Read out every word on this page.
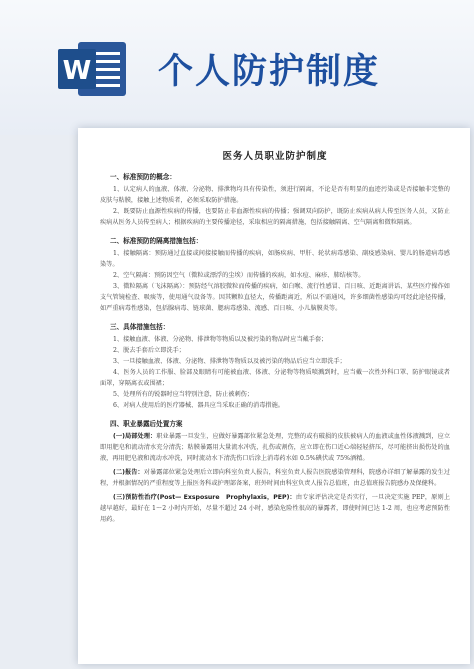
W 个人防护制度
医务人员职业防护制度
一、标准预防的概念：

1、认定病人的血液、体液、分泌物、排泄物均具有传染性，须进行隔离，不论是否有明显的血迹污染或是否接触非完整的皮肤与粘膜，接触上述物质者，必须采取防护措施。

2、既要防止血源性疾病的传播，也要防止非血源性疾病的传播；强调双向防护，既防止疾病从病人传至医务人员，又防止疾病从医务人员传至病人；根据疾病的主要传播途径，采取相应的隔离措施，包括接触隔离、空气隔离和微粒隔离。

二、标准预防的隔离措施包括：

1、接触隔离：预防通过直接或间接接触而传播的疾病，如肠疾病、甲肝、轮状病毒感染、副疫感染病、婴儿的肠道病毒感染等。

2、空气隔离：预防因空气（微粒或漂浮的尘埃）而传播的疾病，如水痘、麻疹、肺结核等。

3、微粒隔离（飞沫隔离）：预防经气溶胶微粒而传播的疾病，如白喉、流行性感冒、百日咳、近距离讲话、某些医疗操作如支气管镜检查、吸痰等，使用通气设备等。因其颗粒直径大，传播距离近，所以不需通风，许多细菌性感染均可经此途径传播，如严重病毒性感染，包括腺病毒、链球菌、腮病毒感染、流感、百日咳、小儿脑膜炎等。

三、具体措施包括：

1、接触血液、体液、分泌物、排泄物等物质以及被污染的物品时应当戴手套；

2、脱去手套后立即洗手；

3、一旦接触血液、体液、分泌物、排泄物等物质以及被污染的物品后应当立即洗手；

4、医务人员的工作服、脸部及眼睛有可能被血液、体液、分泌物等物质喷溅到时，应当戴一次性外科口罩、防护眼镜或者面罩，穿隔离衣或围裙；

5、处理所有的锐器时应当特别注意，防止被刺伤；

6、对病人使用后的医疗器械、器具应当采取正确的消毒措施。

四、职业暴露后处置方案

(一)局部处理：职业暴露一旦发生，应做好暴露部位紧急处理，完整的或有破损的皮肤被病人的血液或血性体液溅到，应立即用肥皂和流动清水充分清洗；粘膜暴露用大量流水冲洗，扎伤或割伤，应立即在伤口近心端轻轻挤压，尽可能挤出损伤处的血液，再用肥皂液和流动水冲洗，同时流动水下清洗伤口后涂上消毒药水如 0.5%碘伏或 75%酒精。

(二)报告：对暴露部位紧急处理后立即向科室负责人报告，科室负责人报告医院感染管理科，院感办详细了解暴露的发生过程，并根据情况的严重程度等上报医务科或护理部备案，班外时间由科室负责人报告总值班，由总值班报告院感办及保健科。

(三)预防性治疗(Post— Exsposure　Prophylaxis，PEP)：由专家评估决定是否实行，一旦决定实施 PEP，原则上越早越好，最好在 1～2 小时内开始，尽量不超过 24 小时，感染危险性很高的暴露者，即使时间已达 1-2 周，也应考虑预防性用药。
